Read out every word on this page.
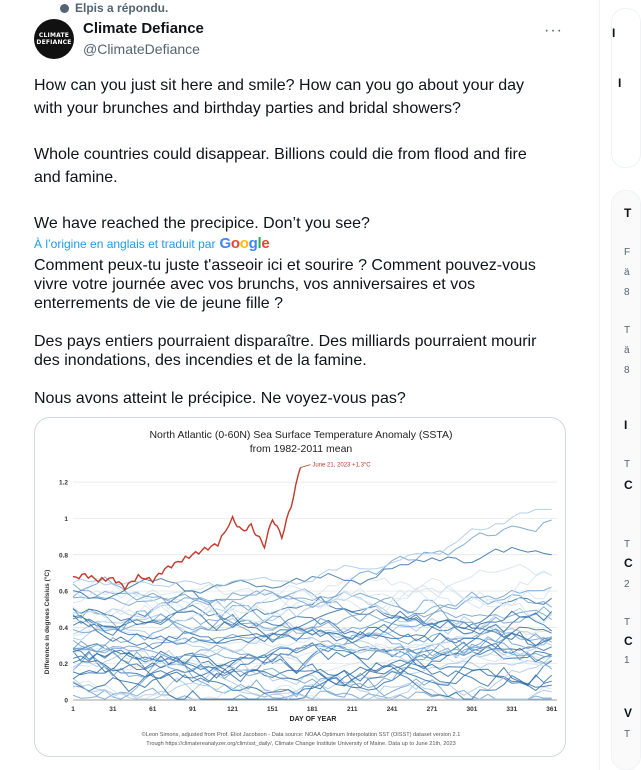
Elpis a répondu.
CLIMATE
DEFIANCE
Climate Defiance
@ClimateDefiance
···

How can you just sit here and smile? How can you go about your day

with your brunches and birthday parties and bridal showers?

Whole countries could disappear. Billions could die from flood and fire

and famine.

We have reached the precipice. Don’t you see?

À l’origine en anglais et traduit par Google

Comment peux-tu juste t'asseoir ici et sourire ? Comment pouvez-vous

vivre votre journée avec vos brunchs, vos anniversaires et vos

enterrements de vie de jeune fille ?

Des pays entiers pourraient disparaître. Des milliards pourraient mourir

des inondations, des incendies et de la famine.

Nous avons atteint le précipice. Ne voyez-vous pas?

North Atlantic (0-60N) Sea Surface Temperature Anomaly (SSTA)
from 1982-2011 mean
June 21, 2023 +1.3°C
0
0.2
0.4
0.6
0.8
1
1.2
1	31	61	91	121	151	181	211	241	271	301	331	361
Difference in degrees Celsius (°C)
DAY OF YEAR
©Leon Simons, adjusted from Prof. Eliot Jacobson - Data source: NOAA Optimum Interpolation SST (OISST) dataset version 2.1
Trough https://climatereanalyzer.org/clim/sst_daily/, Climate Change Institute University of Maine. Data up to June 21th, 2023
I
I
T
F
ä
8
T
ä
8
I
T
C
T
C
2
T
C
1
V
T
